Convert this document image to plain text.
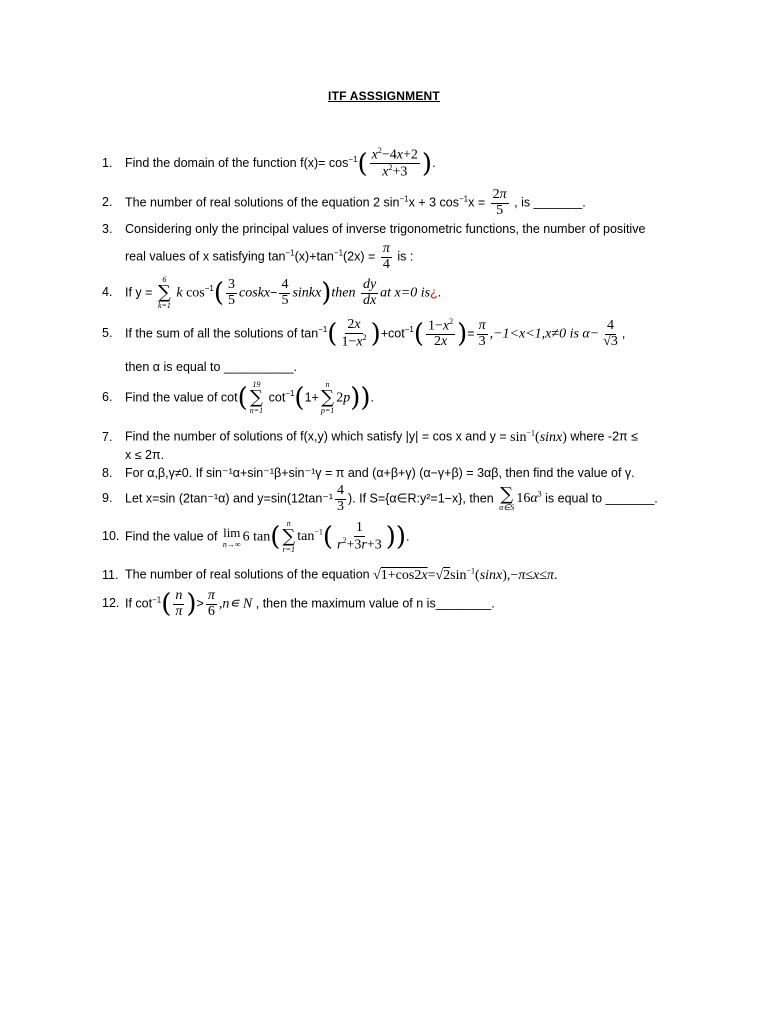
ITF ASSSIGNMENT
1. Find the domain of the function $f(x)= \cos^{-1}( \frac{x^2-4x+2}{x^2+3}$ ).
2. The number of real solutions of the equation 2 $\sin^{-1}x + 3$ $\cos^{-1}x = \frac{2\pi}{5}$ , is _______.
3. Considering only the principal values of inverse trigonometric functions, the number of positive
real values of x satisfying $\tan^{-1}(x)+\tan^{-1}(2x) = \frac{\pi}{4}$ is :
4. If y =
6
∑
k=1
k $\cos^{-1}( \frac{3}{5}$ coskx− $\frac{4}{5}$ sinkx)then $\frac{dy}{dx}$ at x=0 is¿.
5. If the sum of all the solutions of $\tan^{-1}( \frac{2x}{1-x^2} )+\cot^{-1}( \frac{1-x^2}{2x}$ )= $\frac{\pi}{3} ,-1<x<1,x\ne 0$ is $\alpha- \frac{4}{√3}$ ,
then α is equal to __________.
6. Find the value of cot( 19
∑
n=1
$\cot^{-1}(1+$
n
∑
p=1
2p)).
7. Find the number of solutions of f(x,y) which satisfy |y| = cos x and $y = \sin^{-1}(\sin x)$ where -2π ≤
x ≤ 2π.
8. For α,β,γ≠0. If sin⁻¹α+sin⁻¹β+sin⁻¹γ = π and (α+β+γ) (α−γ+β) = 3αβ, then find the value of γ.
9. Let x=sin (2tan⁻¹α) and $y=\sin(12\tan^{-1} \frac{4}{3}$ ). If S={α∈R:y²=1−x}, then ∑
α∈S
$16\alpha^3$ is equal to _______.
10. Find the value of lim
n→∞
6 tan( n
∑
r=1
$\tan^{-1}( \frac{1}{r^2+3r+3}$ )).
11. The number of real solutions of the equation $√1+\cos 2x=√2\sin^{-1}(\sin x),-\pi\le x\le\pi$.
12. If $\cot^{-1}( \frac{n}{\pi}$ )> $\frac{\pi}{6}$ ,n∊ N , then the maximum value of n is________.
